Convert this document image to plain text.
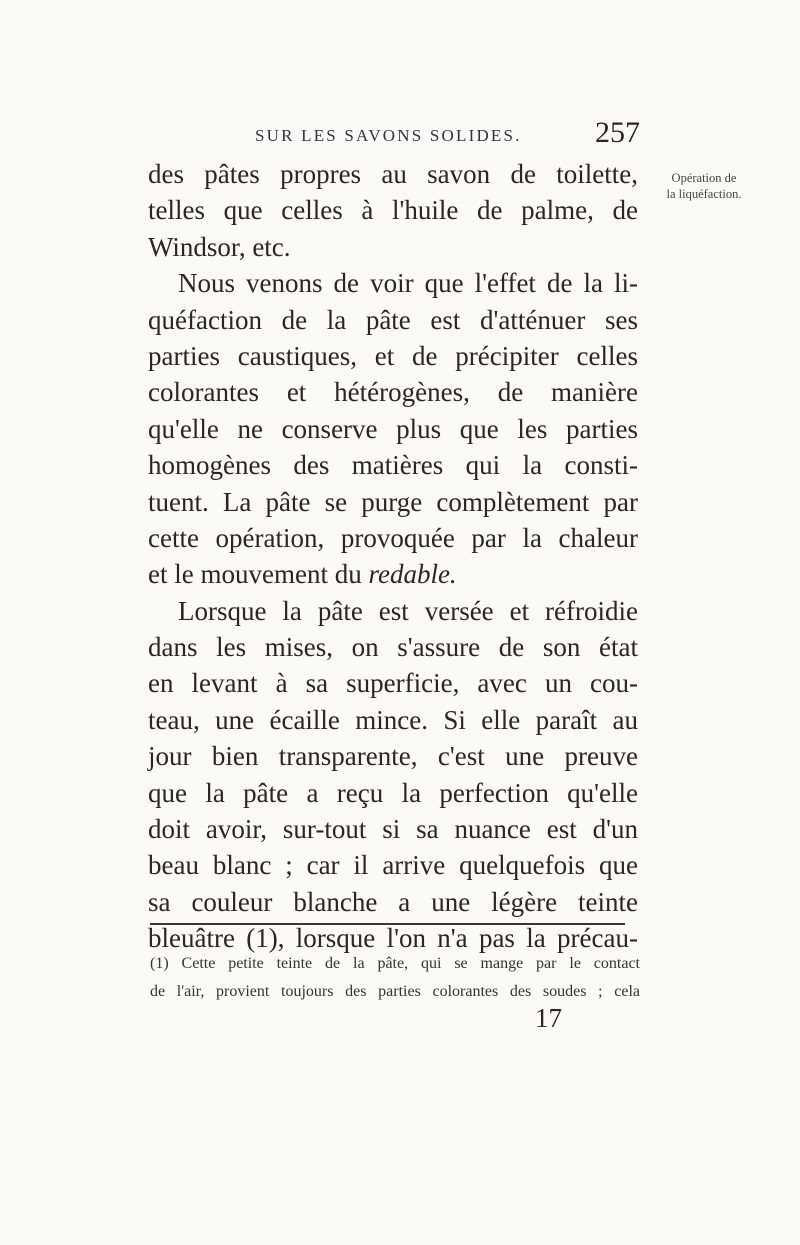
SUR LES SAVONS SOLIDES. 257
Opération de
la liquéfaction.
des pâtes propres au savon de toilette,
telles que celles à l'huile de palme, de
Windsor, etc.
Nous venons de voir que l'effet de la li-
quéfaction de la pâte est d'atténuer ses
parties caustiques, et de précipiter celles
colorantes et hétérogènes, de manière
qu'elle ne conserve plus que les parties
homogènes des matières qui la consti-
tuent. La pâte se purge complètement par
cette opération, provoquée par la chaleur
et le mouvement du redable.
Lorsque la pâte est versée et réfroidie
dans les mises, on s'assure de son état
en levant à sa superficie, avec un cou-
teau, une écaille mince. Si elle paraît au
jour bien transparente, c'est une preuve
que la pâte a reçu la perfection qu'elle
doit avoir, sur-tout si sa nuance est d'un
beau blanc ; car il arrive quelquefois que
sa couleur blanche a une légère teinte
bleuâtre (1), lorsque l'on n'a pas la précau-
(1) Cette petite teinte de la pâte, qui se mange par le contact
de l'air, provient toujours des parties colorantes des soudes ; cela
17
